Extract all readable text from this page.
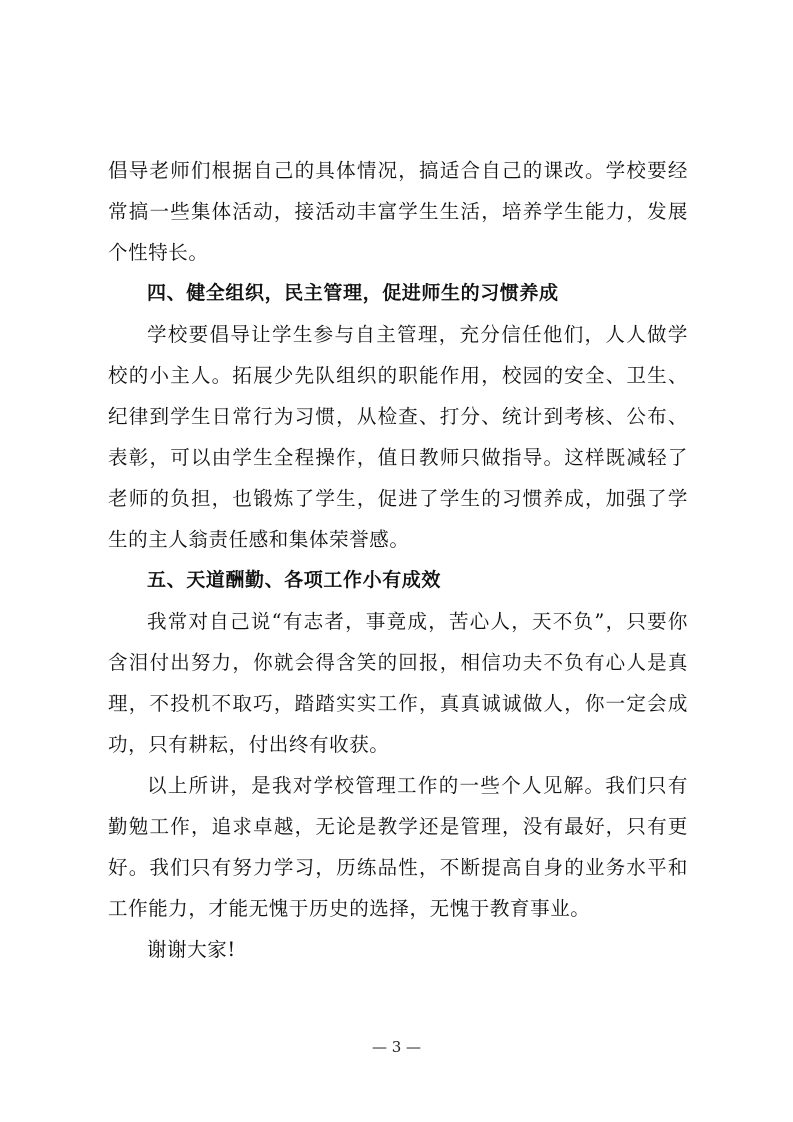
倡导老师们根据自己的具体情况，搞适合自己的课改。学校要经常搞一些集体活动，接活动丰富学生生活，培养学生能力，发展个性特长。

四、健全组织，民主管理，促进师生的习惯养成

学校要倡导让学生参与自主管理，充分信任他们，人人做学校的小主人。拓展少先队组织的职能作用，校园的安全、卫生、纪律到学生日常行为习惯，从检查、打分、统计到考核、公布、表彰，可以由学生全程操作，值日教师只做指导。这样既减轻了老师的负担，也锻炼了学生，促进了学生的习惯养成，加强了学生的主人翁责任感和集体荣誉感。

五、天道酬勤、各项工作小有成效

我常对自己说“有志者，事竟成，苦心人，天不负”，只要你含泪付出努力，你就会得含笑的回报，相信功夫不负有心人是真理，不投机不取巧，踏踏实实工作，真真诚诚做人，你一定会成功，只有耕耘，付出终有收获。

以上所讲，是我对学校管理工作的一些个人见解。我们只有勤勉工作，追求卓越，无论是教学还是管理，没有最好，只有更好。我们只有努力学习，历练品性，不断提高自身的业务水平和工作能力，才能无愧于历史的选择，无愧于教育事业。

谢谢大家!

— 3 —
